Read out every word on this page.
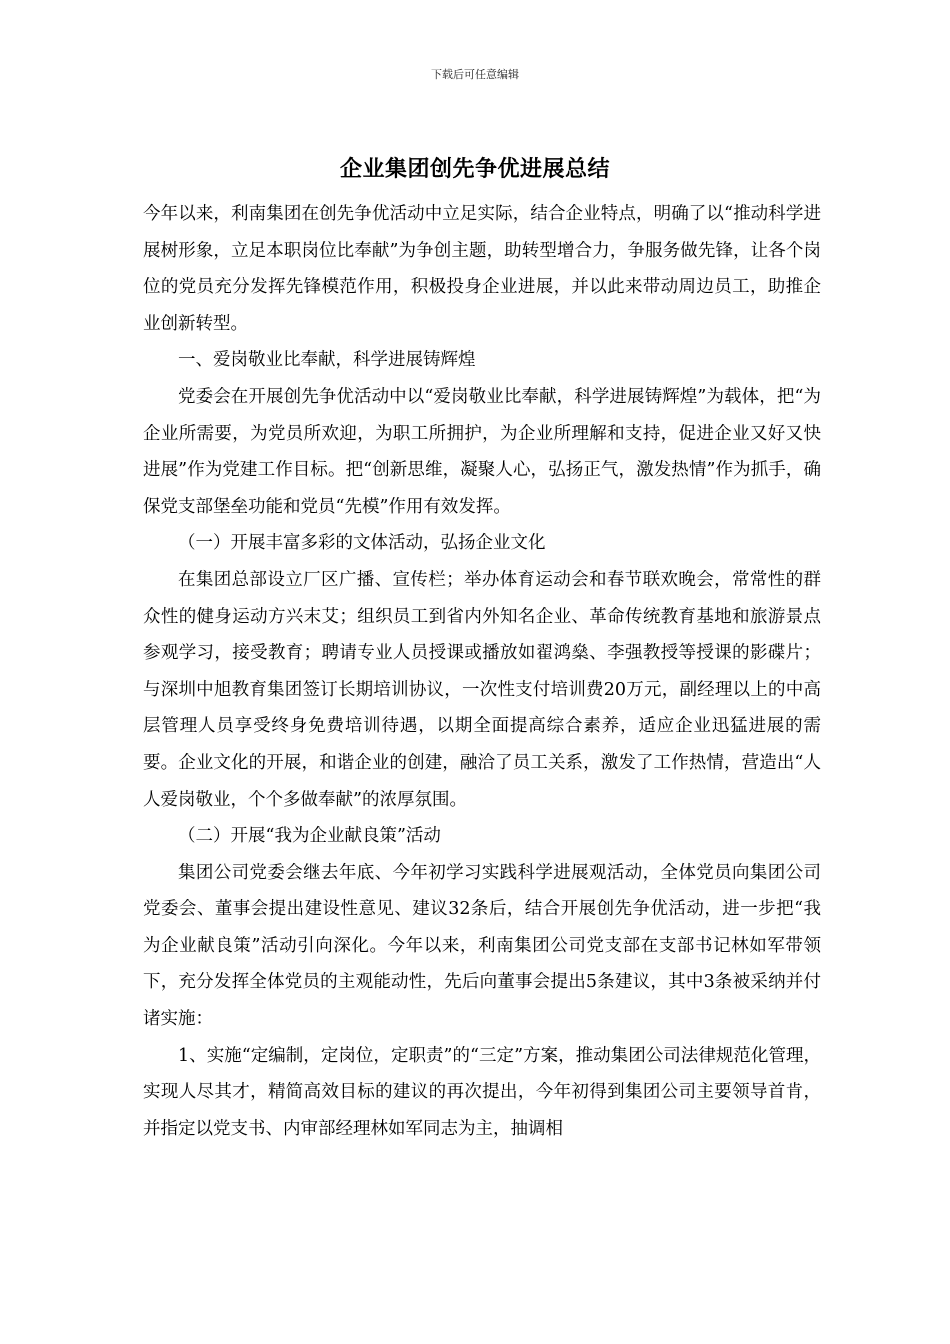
下载后可任意编辑
企业集团创先争优进展总结

今年以来，利南集团在创先争优活动中立足实际，结合企业特点，明确了以“推动科学进展树形象，立足本职岗位比奉献”为争创主题，助转型增合力，争服务做先锋，让各个岗位的党员充分发挥先锋模范作用，积极投身企业进展，并以此来带动周边员工，助推企业创新转型。

一、爱岗敬业比奉献，科学进展铸辉煌

党委会在开展创先争优活动中以“爱岗敬业比奉献，科学进展铸辉煌”为载体，把“为企业所需要，为党员所欢迎，为职工所拥护，为企业所理解和支持，促进企业又好又快进展”作为党建工作目标。把“创新思维，凝聚人心，弘扬正气，激发热情”作为抓手，确保党支部堡垒功能和党员“先模”作用有效发挥。

（一）开展丰富多彩的文体活动，弘扬企业文化

在集团总部设立厂区广播、宣传栏；举办体育运动会和春节联欢晚会，常常性的群众性的健身运动方兴末艾；组织员工到省内外知名企业、革命传统教育基地和旅游景点参观学习，接受教育；聘请专业人员授课或播放如翟鸿燊、李强教授等授课的影碟片；与深圳中旭教育集团签订长期培训协议，一次性支付培训费20万元，副经理以上的中高层管理人员享受终身免费培训待遇，以期全面提高综合素养，适应企业迅猛进展的需要。企业文化的开展，和谐企业的创建，融洽了员工关系，激发了工作热情，营造出“人人爱岗敬业，个个多做奉献”的浓厚氛围。

（二）开展“我为企业献良策”活动

集团公司党委会继去年底、今年初学习实践科学进展观活动，全体党员向集团公司党委会、董事会提出建设性意见、建议32条后，结合开展创先争优活动，进一步把“我为企业献良策”活动引向深化。今年以来，利南集团公司党支部在支部书记林如军带领下，充分发挥全体党员的主观能动性，先后向董事会提出5条建议，其中3条被采纳并付诸实施：

1、实施“定编制，定岗位，定职责”的“三定”方案，推动集团公司法律规范化管理，实现人尽其才，精简高效目标的建议的再次提出，今年初得到集团公司主要领导首肯，并指定以党支书、内审部经理林如军同志为主，抽调相
